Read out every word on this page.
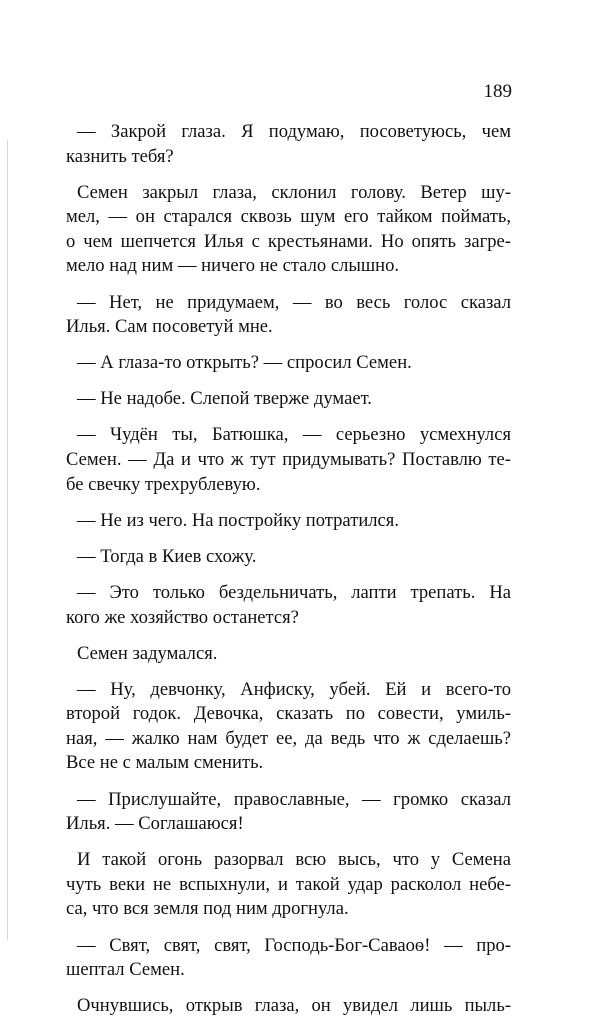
189

— Закрой глаза. Я подумаю, посоветуюсь, чем
казнить тебя?

Семен закрыл глаза, склонил голову. Ветер шу-
мел, — он старался сквозь шум его тайком поймать,
о чем шепчется Илья с крестьянами. Но опять загре-
мело над ним — ничего не стало слышно.

— Нет, не придумаем, — во весь голос сказал
Илья. Сам посоветуй мне.

— А глаза-то открыть? — спросил Семен.

— Не надобе. Слепой тверже думает.

— Чудён ты, Батюшка, — серьезно усмехнулся
Семен. — Да и что ж тут придумывать? Поставлю те-
бе свечку трехрублевую.

— Не из чего. На постройку потратился.

— Тогда в Киев схожу.

— Это только бездельничать, лапти трепать. На
кого же хозяйство останется?

Семен задумался.

— Ну, девчонку, Анфиску, убей. Ей и всего-то
второй годок. Девочка, сказать по совести, умиль-
ная, — жалко нам будет ее, да ведь что ж сделаешь?
Все не с малым сменить.

— Прислушайте, православные, — громко сказал
Илья. — Соглашаюся!

И такой огонь разорвал всю высь, что у Семена
чуть веки не вспыхнули, и такой удар расколол небе-
са, что вся земля под ним дрогнула.

— Свят, свят, свят, Господь-Бог-Саваоѳ! — про-
шептал Семен.

Очнувшись, открыв глаза, он увидел лишь пыль-
